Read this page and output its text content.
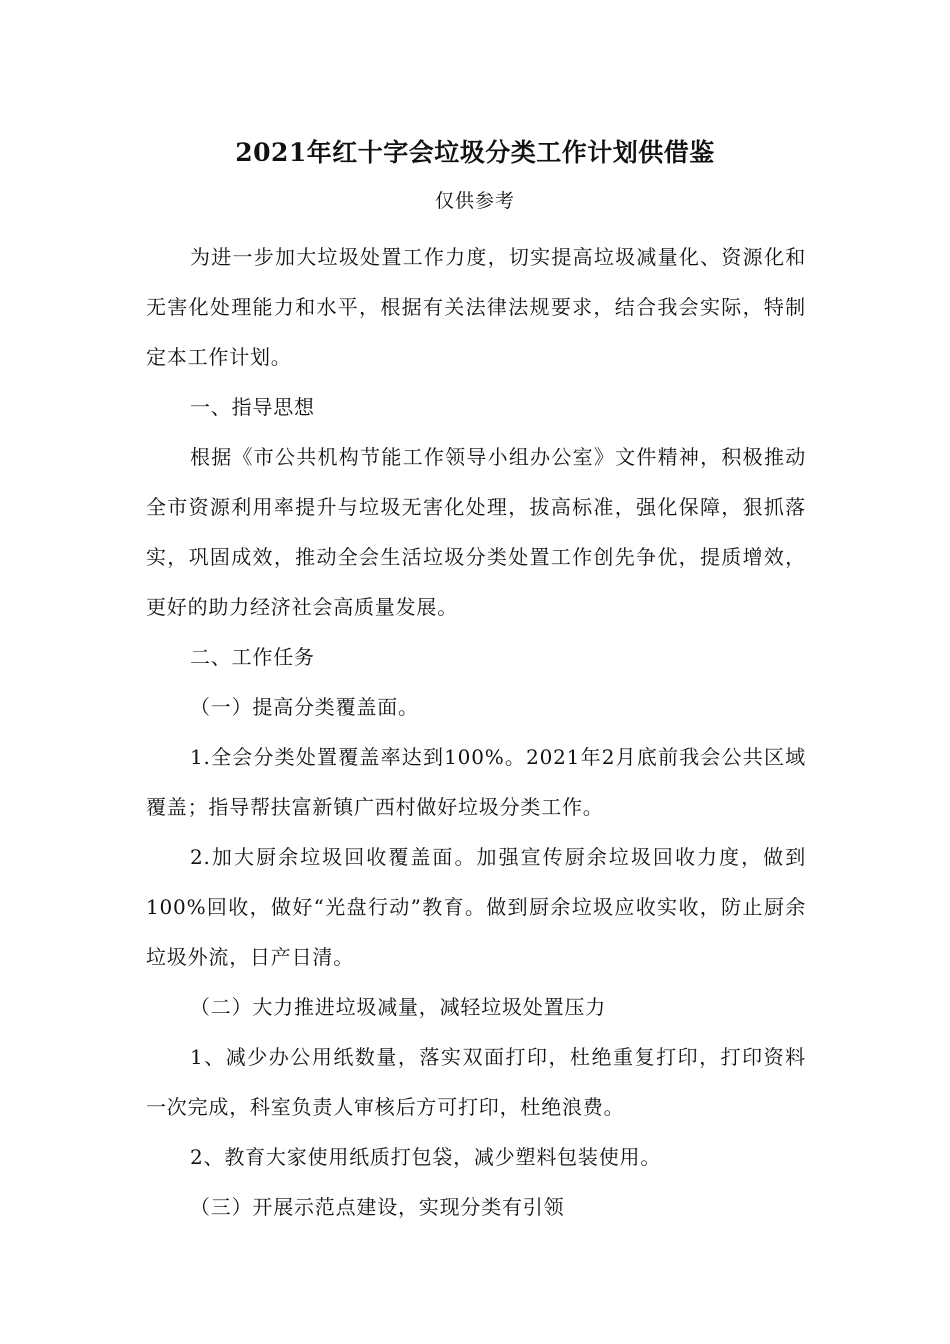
2021年红十字会垃圾分类工作计划供借鉴
仅供参考

为进一步加大垃圾处置工作力度，切实提高垃圾减量化、资源化和无害化处理能力和水平，根据有关法律法规要求，结合我会实际，特制定本工作计划。

一、指导思想

根据《市公共机构节能工作领导小组办公室》文件精神，积极推动全市资源利用率提升与垃圾无害化处理，拔高标准，强化保障，狠抓落实，巩固成效，推动全会生活垃圾分类处置工作创先争优，提质增效，更好的助力经济社会高质量发展。

二、工作任务

（一）提高分类覆盖面。

1.全会分类处置覆盖率达到100%。2021年2月底前我会公共区域覆盖；指导帮扶富新镇广西村做好垃圾分类工作。

2.加大厨余垃圾回收覆盖面。加强宣传厨余垃圾回收力度，做到100%回收，做好“光盘行动”教育。做到厨余垃圾应收实收，防止厨余垃圾外流，日产日清。

（二）大力推进垃圾减量，减轻垃圾处置压力

1、减少办公用纸数量，落实双面打印，杜绝重复打印，打印资料一次完成，科室负责人审核后方可打印，杜绝浪费。

2、教育大家使用纸质打包袋，减少塑料包装使用。

（三）开展示范点建设，实现分类有引领
